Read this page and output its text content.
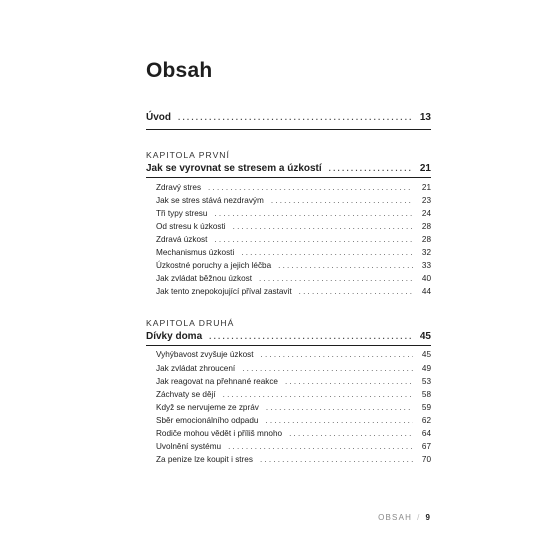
Obsah
Úvod . . .	13
KAPITOLA PRVNÍ
Jak se vyrovnat se stresem a úzkostí . . .	21
Zdravý stres . . .	21
Jak se stres stává nezdravým . . .	23
Tři typy stresu . . .	24
Od stresu k úzkosti . . .	28
Zdravá úzkost . . .	28
Mechanismus úzkosti . . .	32
Úzkostné poruchy a jejich léčba . . .	33
Jak zvládat běžnou úzkost . . .	40
Jak tento znepokojující příval zastavit . . .	44
KAPITOLA DRUHÁ
Dívky doma . . .	45
Vyhýbavost zvyšuje úzkost . . .	45
Jak zvládat zhroucení . . .	49
Jak reagovat na přehnané reakce . . .	53
Záchvaty se dějí . . .	58
Když se nervujeme ze zpráv . . .	59
Sběr emocionálního odpadu . . .	62
Rodiče mohou vědět i příliš mnoho . . .	64
Uvolnění systému . . .	67
Za penize lze koupit i stres . . .	70
OBSAH / 9
